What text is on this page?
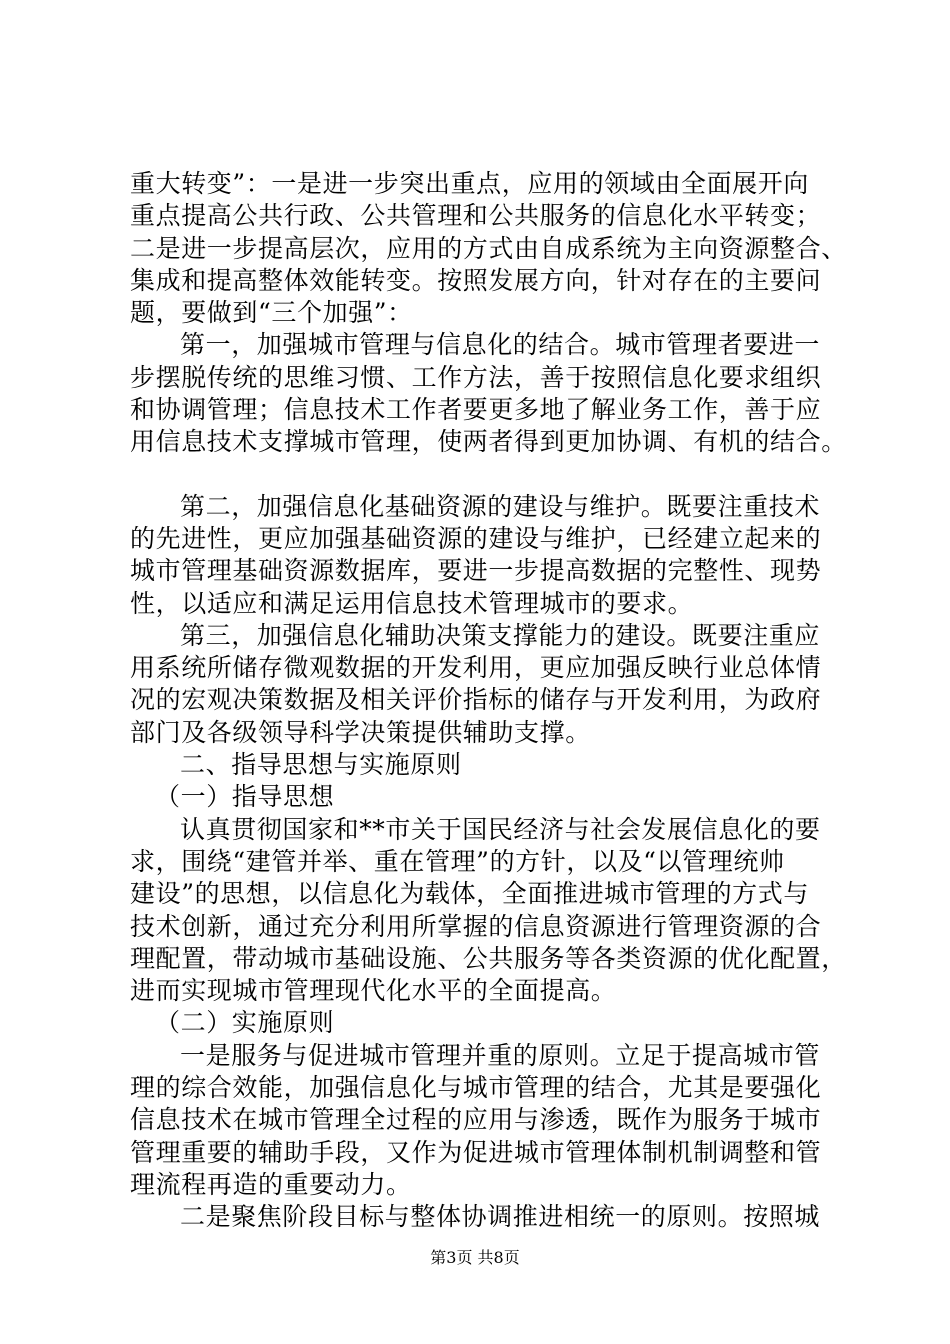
重大转变”：一是进一步突出重点，应用的领域由全面展开向
重点提高公共行政、公共管理和公共服务的信息化水平转变；
二是进一步提高层次，应用的方式由自成系统为主向资源整合、
集成和提高整体效能转变。按照发展方向，针对存在的主要问
题，要做到“三个加强”：
第一，加强城市管理与信息化的结合。城市管理者要进一
步摆脱传统的思维习惯、工作方法，善于按照信息化要求组织
和协调管理；信息技术工作者要更多地了解业务工作，善于应
用信息技术支撑城市管理，使两者得到更加协调、有机的结合。
第二，加强信息化基础资源的建设与维护。既要注重技术
的先进性，更应加强基础资源的建设与维护，已经建立起来的
城市管理基础资源数据库，要进一步提高数据的完整性、现势
性，以适应和满足运用信息技术管理城市的要求。
第三，加强信息化辅助决策支撑能力的建设。既要注重应
用系统所储存微观数据的开发利用，更应加强反映行业总体情
况的宏观决策数据及相关评价指标的储存与开发利用，为政府
部门及各级领导科学决策提供辅助支撑。
二、指导思想与实施原则
（一）指导思想
认真贯彻国家和**市关于国民经济与社会发展信息化的要
求，围绕“建管并举、重在管理”的方针，以及“以管理统帅
建设”的思想，以信息化为载体，全面推进城市管理的方式与
技术创新，通过充分利用所掌握的信息资源进行管理资源的合
理配置，带动城市基础设施、公共服务等各类资源的优化配置，
进而实现城市管理现代化水平的全面提高。
（二）实施原则
一是服务与促进城市管理并重的原则。立足于提高城市管
理的综合效能，加强信息化与城市管理的结合，尤其是要强化
信息技术在城市管理全过程的应用与渗透，既作为服务于城市
管理重要的辅助手段，又作为促进城市管理体制机制调整和管
理流程再造的重要动力。
二是聚焦阶段目标与整体协调推进相统一的原则。按照城
第3页 共8页
